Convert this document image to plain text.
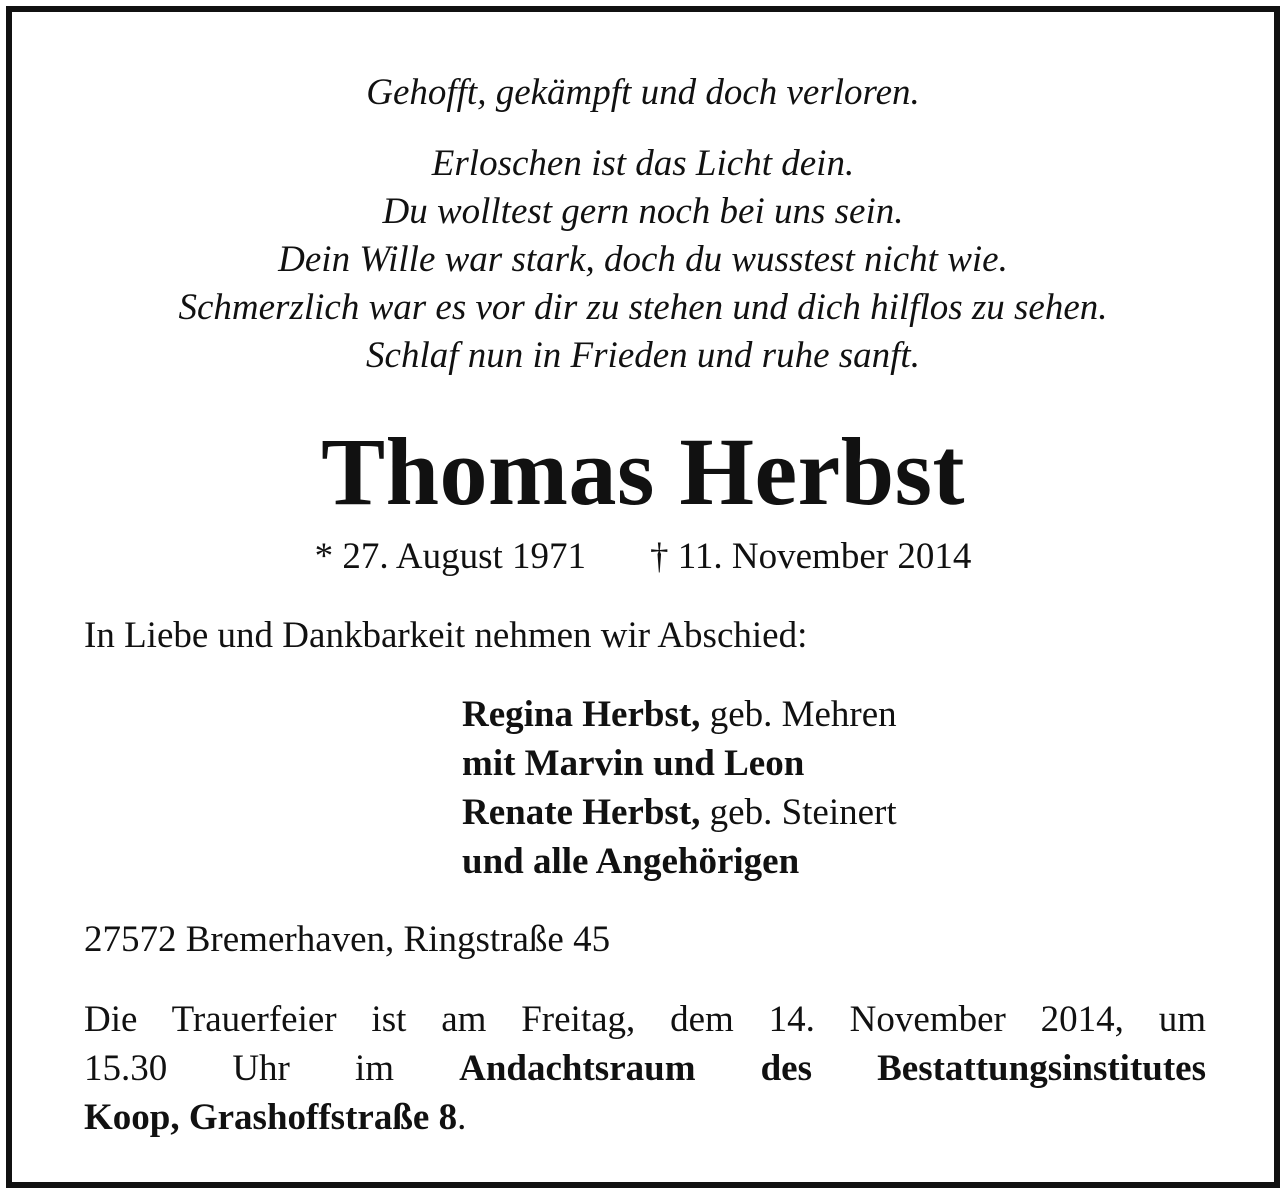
Gehofft, gekämpft und doch verloren.

Erloschen ist das Licht dein.
Du wolltest gern noch bei uns sein.
Dein Wille war stark, doch du wusstest nicht wie.
Schmerzlich war es vor dir zu stehen und dich hilflos zu sehen.
Schlaf nun in Frieden und ruhe sanft.
Thomas Herbst
* 27. August 1971 † 11. November 2014
In Liebe und Dankbarkeit nehmen wir Abschied:
Regina Herbst, geb. Mehren
mit Marvin und Leon
Renate Herbst, geb. Steinert
und alle Angehörigen
27572 Bremerhaven, Ringstraße 45
Die Trauerfeier ist am Freitag, dem 14. November 2014, um
15.30 Uhr im Andachtsraum des Bestattungsinstitutes
Koop, Grashoffstraße 8.
